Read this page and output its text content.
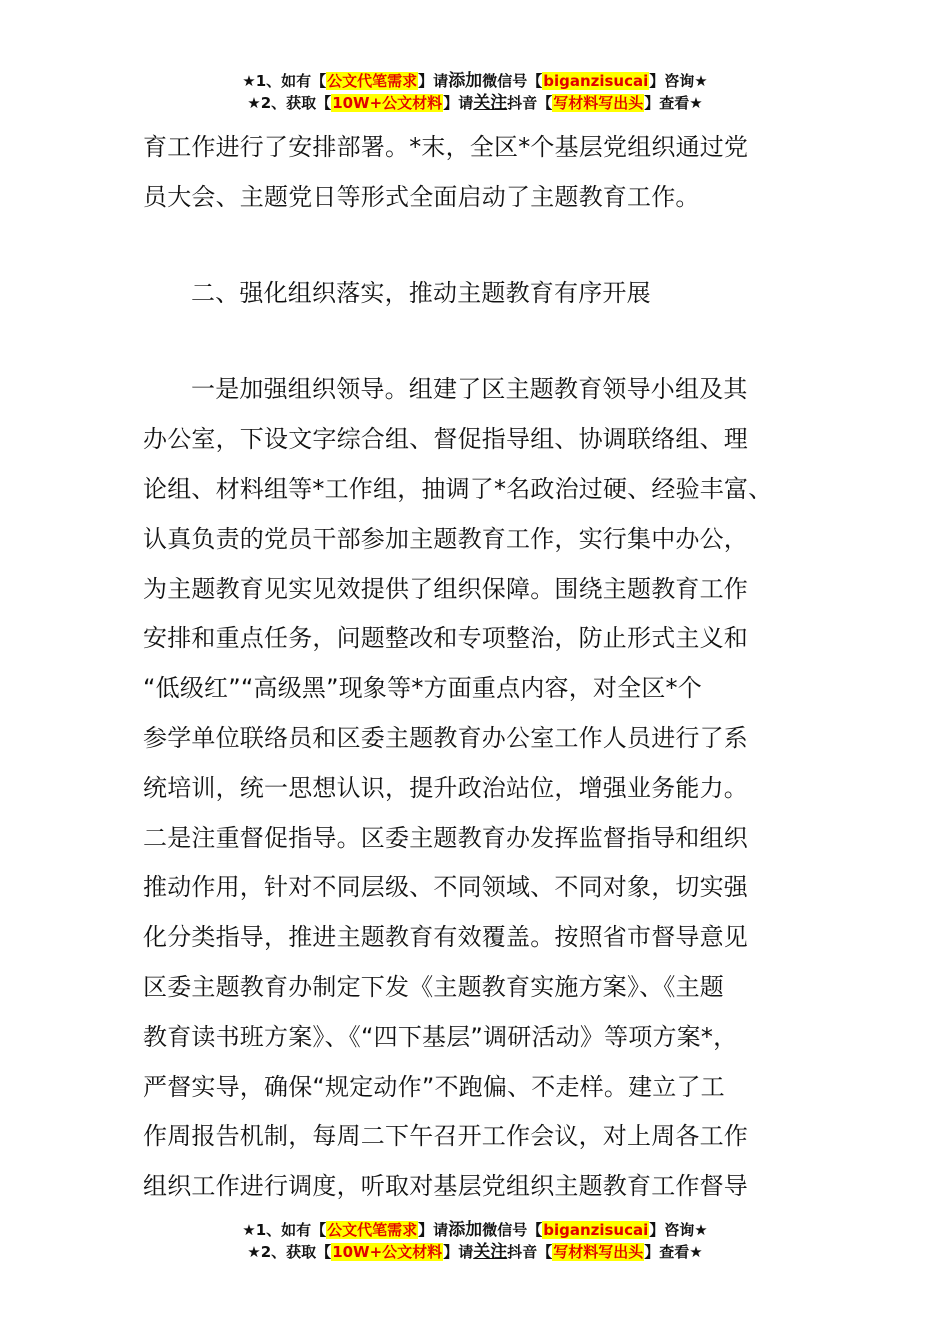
★1、如有【公文代笔需求】请添加微信号【biganzisucai】咨询★
★2、获取【10W+公文材料】请关注抖音【写材料写出头】查看★

育工作进行了安排部署。*末，全区*个基层党组织通过党

员大会、主题党日等形式全面启动了主题教育工作。

二、强化组织落实，推动主题教育有序开展

一是加强组织领导。组建了区主题教育领导小组及其

办公室，下设文字综合组、督促指导组、协调联络组、理

论组、材料组等*工作组，抽调了*名政治过硬、经验丰富、

认真负责的党员干部参加主题教育工作，实行集中办公，

为主题教育见实见效提供了组织保障。围绕主题教育工作

安排和重点任务，问题整改和专项整治，防止形式主义和

“低级红”“高级黑”现象等*方面重点内容，对全区*个

参学单位联络员和区委主题教育办公室工作人员进行了系

统培训，统一思想认识，提升政治站位，增强业务能力。

二是注重督促指导。区委主题教育办发挥监督指导和组织

推动作用，针对不同层级、不同领域、不同对象，切实强

化分类指导，推进主题教育有效覆盖。按照省市督导意见

区委主题教育办制定下发《主题教育实施方案》、《主题

教育读书班方案》、《“四下基层”调研活动》等项方案*，

严督实导，确保“规定动作”不跑偏、不走样。建立了工

作周报告机制，每周二下午召开工作会议，对上周各工作

组织工作进行调度，听取对基层党组织主题教育工作督导

★1、如有【公文代笔需求】请添加微信号【biganzisucai】咨询★
★2、获取【10W+公文材料】请关注抖音【写材料写出头】查看★
